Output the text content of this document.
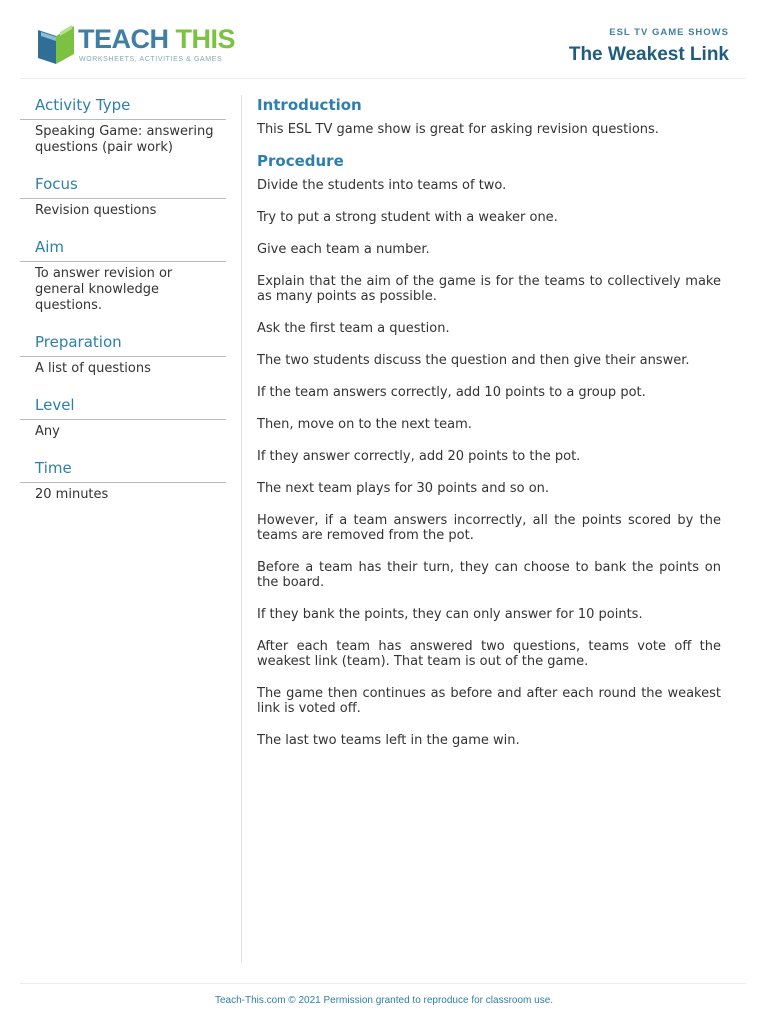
TEACH THIS
WORKSHEETS, ACTIVITIES & GAMES
ESL TV GAME SHOWS
The Weakest Link
Activity Type
Speaking Game: answering questions (pair work)
Focus
Revision questions
Aim
To answer revision or general knowledge questions.
Preparation
A list of questions
Level
Any
Time
20 minutes
Introduction

This ESL TV game show is great for asking revision questions.

Procedure

Divide the students into teams of two.

Try to put a strong student with a weaker one.

Give each team a number.

Explain that the aim of the game is for the teams to collectively make as many points as possible.

Ask the first team a question.

The two students discuss the question and then give their answer.

If the team answers correctly, add 10 points to a group pot.

Then, move on to the next team.

If they answer correctly, add 20 points to the pot.

The next team plays for 30 points and so on.

However, if a team answers incorrectly, all the points scored by the teams are removed from the pot.

Before a team has their turn, they can choose to bank the points on the board.

If they bank the points, they can only answer for 10 points.

After each team has answered two questions, teams vote off the weakest link (team). That team is out of the game.

The game then continues as before and after each round the weakest link is voted off.

The last two teams left in the game win.

Teach-This.com © 2021 Permission granted to reproduce for classroom use.
